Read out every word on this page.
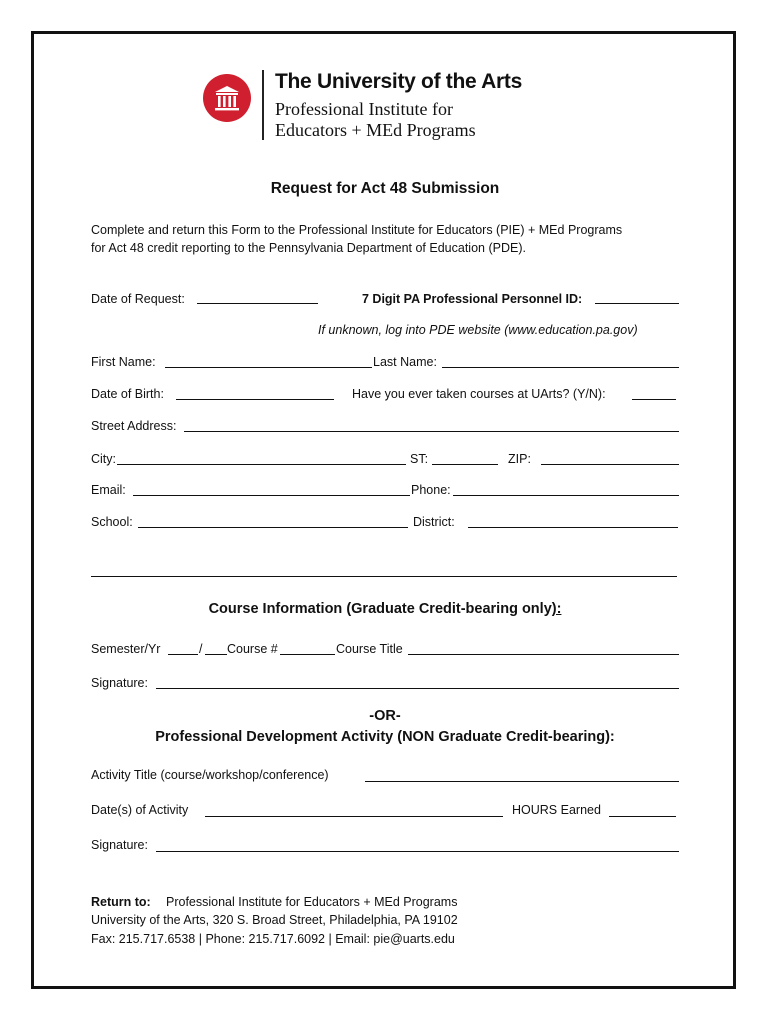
The University of the Arts
Professional Institute for
Educators + MEd Programs
Request for Act 48 Submission
Complete and return this Form to the Professional Institute for Educators (PIE) + MEd Programs
for Act 48 credit reporting to the Pennsylvania Department of Education (PDE).
Date of Request:	7 Digit PA Professional Personnel ID:
If unknown, log into PDE website (www.education.pa.gov)
First Name:	Last Name:
Date of Birth:	Have you ever taken courses at UArts? (Y/N):
Street Address:
City:	ST:	ZIP:
Email:	Phone:
School:	District:
Course Information (Graduate Credit-bearing only):
Semester/Yr	/ Course #	Course Title
Signature:
-OR-
Professional Development Activity (NON Graduate Credit-bearing):
Activity Title (course/workshop/conference)
Date(s) of Activity	HOURS Earned
Signature:
Return to: Professional Institute for Educators + MEd Programs
University of the Arts, 320 S. Broad Street, Philadelphia, PA 19102
Fax: 215.717.6538 | Phone: 215.717.6092 | Email: pie@uarts.edu
